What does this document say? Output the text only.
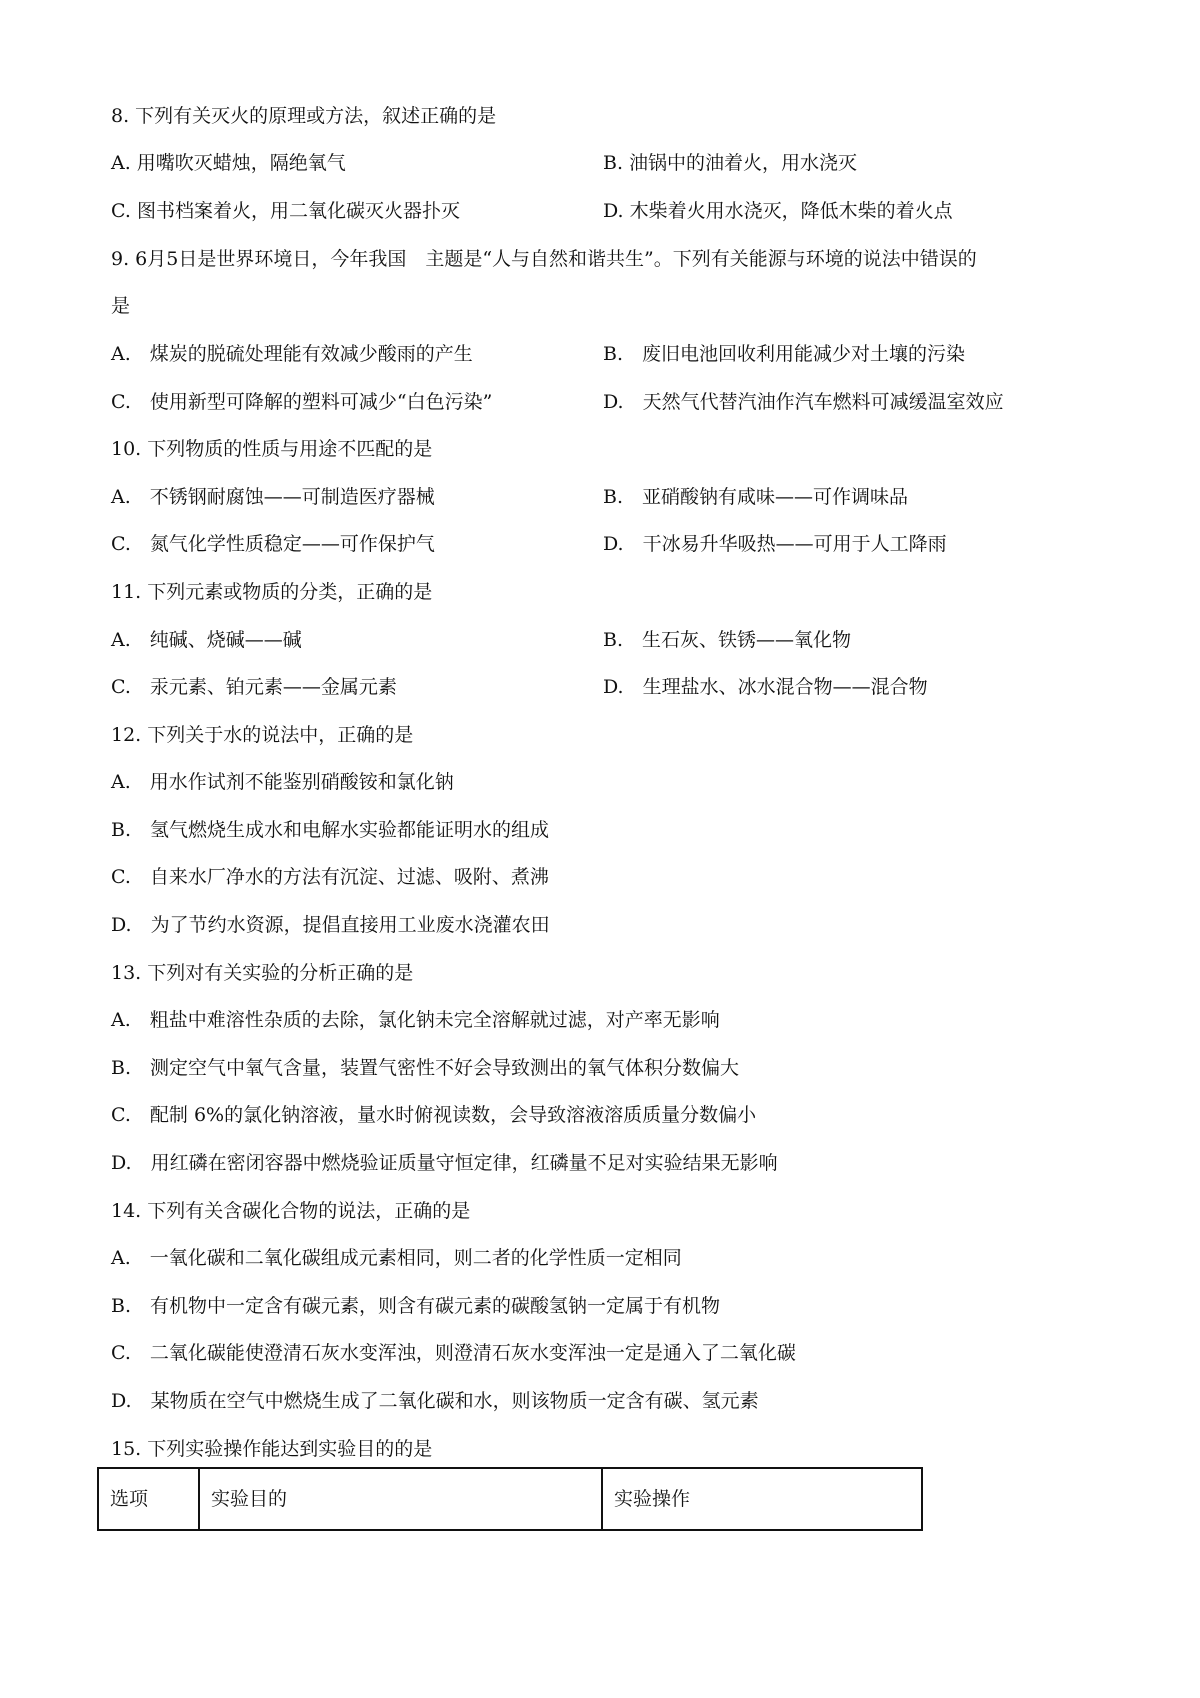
8. 下列有关灭火的原理或方法，叙述正确的是
A. 用嘴吹灭蜡烛，隔绝氧气	B. 油锅中的油着火，用水浇灭
C. 图书档案着火，用二氧化碳灭火器扑灭	D. 木柴着火用水浇灭，降低木柴的着火点
9. 6月5日是世界环境日，今年我国　主题是“人与自然和谐共生”。下列有关能源与环境的说法中错误的
是
A.　煤炭的脱硫处理能有效减少酸雨的产生	B.　废旧电池回收利用能减少对土壤的污染
C.　使用新型可降解的塑料可减少“白色污染”	D.　天然气代替汽油作汽车燃料可减缓温室效应
10. 下列物质的性质与用途不匹配的是
A.　不锈钢耐腐蚀——可制造医疗器械	B.　亚硝酸钠有咸味——可作调味品
C.　氮气化学性质稳定——可作保护气	D.　干冰易升华吸热——可用于人工降雨
11. 下列元素或物质的分类，正确的是
A.　纯碱、烧碱——碱	B.　生石灰、铁锈——氧化物
C.　汞元素、铂元素——金属元素	D.　生理盐水、冰水混合物——混合物
12. 下列关于水的说法中，正确的是
A.　用水作试剂不能鉴别硝酸铵和氯化钠
B.　氢气燃烧生成水和电解水实验都能证明水的组成
C.　自来水厂净水的方法有沉淀、过滤、吸附、煮沸
D.　为了节约水资源，提倡直接用工业废水浇灌农田
13. 下列对有关实验的分析正确的是
A.　粗盐中难溶性杂质的去除，氯化钠未完全溶解就过滤，对产率无影响
B.　测定空气中氧气含量，装置气密性不好会导致测出的氧气体积分数偏大
C.　配制 6%的氯化钠溶液，量水时俯视读数，会导致溶液溶质质量分数偏小
D.　用红磷在密闭容器中燃烧验证质量守恒定律，红磷量不足对实验结果无影响
14. 下列有关含碳化合物的说法，正确的是
A.　一氧化碳和二氧化碳组成元素相同，则二者的化学性质一定相同
B.　有机物中一定含有碳元素，则含有碳元素的碳酸氢钠一定属于有机物
C.　二氧化碳能使澄清石灰水变浑浊，则澄清石灰水变浑浊一定是通入了二氧化碳
D.　某物质在空气中燃烧生成了二氧化碳和水，则该物质一定含有碳、氢元素
15. 下列实验操作能达到实验目的的是
选项	实验目的	实验操作
